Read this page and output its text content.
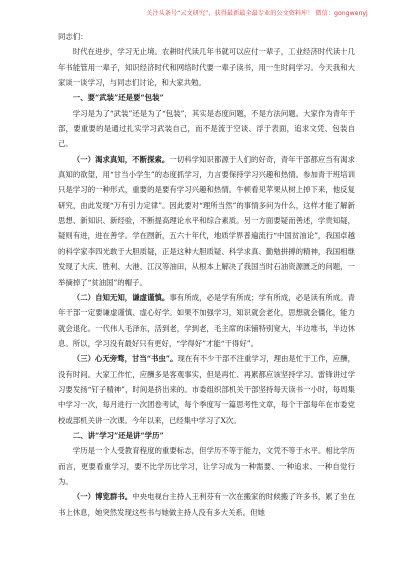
关注头条号“云文研究”，获得最新最全最专业的公文资料库！ 微信：gongwenyj

同志们：

时代在进步，学习无止境。农耕时代读几年书就可以应付一辈子，工业经济时代读十几年书能管用一辈子，知识经济时代和网络时代要一辈子读书，用一生时间学习。今天我和大家谈一谈学习，与同志们讨论，和大家共勉。

一、要“武装”还是要“包装”

学习是为了“武装”还是为了“包装”，其实是态度问题，不是方法问题。大家作为青年干部，要重要的是通过扎实学习武装自己，而不是流于空谈、浮于表面，追求文凭、包装自己。

（一）渴求真知，不断探索。一切科学知识都源于人们的好奇，青年干部都应当有渴求真知的欲望，用“甘当小学生”的态度抓学习，力言要保持学习兴趣和热情。参加青干班培训只是学习的一种形式，重要的是要有学习兴趣和热情。牛顿看见苹果从树上掉下来，他反复研究，由此发现“万有引力定律”。因此要对“理所当然”的事情多问为什么，这样才能了解新思想、新知识、新经验，不断提高理论水平和综合素质。另一方面要疑而善述，学贵知疑，疑则有进，进在善学。学在囫新，五六十年代，地质学界普遍流行“中国贫油论”，我国卓越的科学家李四光敢于大胆质疑，正是这种大胆质疑、科学求真、勤勉拼搏的精神，我国相继发现了大庆、胜利、大港、江汉等油田，从根本上解决了我国当时石油资源匮乏的问题，一举摘掉了“贫油国”的帽子。

（二）自知无知，谦虚谨慎。事有所成，必是学有所成；学有所成，必是读有所成。青年干部一定要谦虚谨慎、虚心好学。如果不加强学习，知识就会老化，思想就会僵化，能力就会退化。一代伟人毛泽东，活到老，学到老，毛主席的床铺特别宽大，半边堆书，半边休息。所以，学习没有最好只有更好，“学得好”才能“干得好”。

（三）心无旁骛，甘当“书虫”。现在有不少干部不注重学习，理由是忙于工作，应酬，没有时间。大家工作忙，应酬多是客观事实，但是再忙、再累都应该坚持学习。雷锋讲过学习要发扬“钉子精神”，时间是挤出来的。市委组织部机关干部坚持每天读书一小时，每周集中学习一次，每月进行一次团卷考试，每个季度写一篇思考性文章，每个干部每年在市委党校或部机关讲一次课。今年以来，已经集中学习了X次。

二、讲“学习”还是讲“学历”

学历是一个人受教育程度的重要标志，但学历不等于能力，文凭不等于水平。相比学历而言，更要看重学习，要不比学历比学习，让学习成为一种需要、一种追求、一种自觉行为。

（一）博览群书。中央电视台主持人王利芬有一次在搬家的时候搬了许多书，累了坐在书上休息，她突然发现这些书与她做主持人没有多大关系。但她
